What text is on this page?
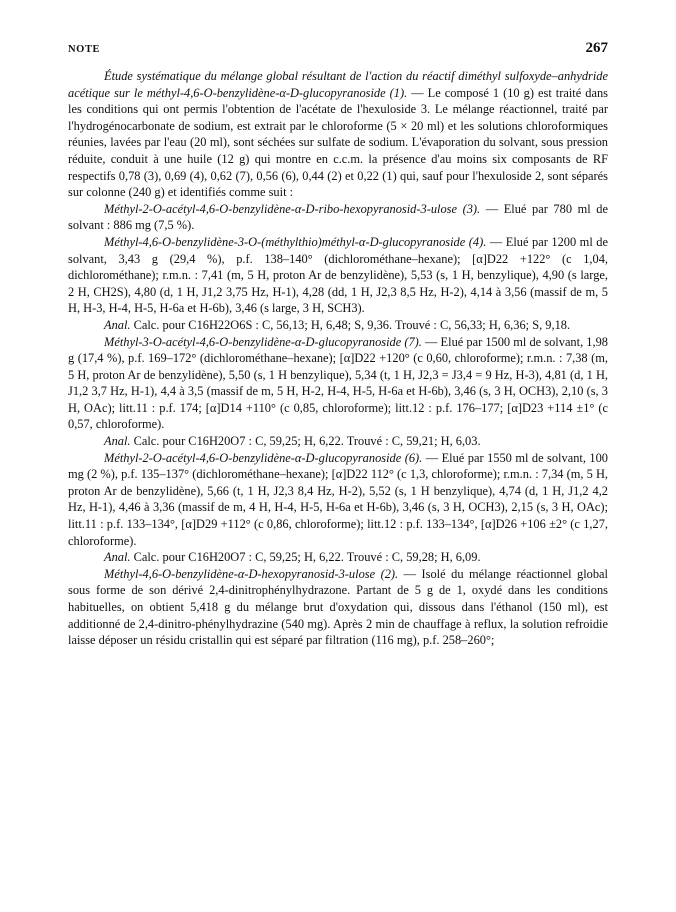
NOTE	267

Étude systématique du mélange global résultant de l'action du réactif diméthyl sulfoxyde–anhydride acétique sur le méthyl-4,6-O-benzylidène-α-D-glucopyranoside (1). — Le composé 1 (10 g) est traité dans les conditions qui ont permis l'obtention de l'acétate de l'hexuloside 3. Le mélange réactionnel, traité par l'hydrogénocarbonate de sodium, est extrait par le chloroforme (5 × 20 ml) et les solutions chloroformiques réunies, lavées par l'eau (20 ml), sont séchées sur sulfate de sodium. L'évaporation du solvant, sous pression réduite, conduit à une huile (12 g) qui montre en c.c.m. la présence d'au moins six composants de RF respectifs 0,78 (3), 0,69 (4), 0,62 (7), 0,56 (6), 0,44 (2) et 0,22 (1) qui, sauf pour l'hexuloside 2, sont séparés sur colonne (240 g) et identifiés comme suit :

Méthyl-2-O-acétyl-4,6-O-benzylidène-α-D-ribo-hexopyranosid-3-ulose (3). — Elué par 780 ml de solvant : 886 mg (7,5 %).

Méthyl-4,6-O-benzylidène-3-O-(méthylthio)méthyl-α-D-glucopyranoside (4). — Elué par 1200 ml de solvant, 3,43 g (29,4 %), p.f. 138–140° (dichlorométhane–hexane); [α]D22 +122° (c 1,04, dichlorométhane); r.m.n. : 7,41 (m, 5 H, proton Ar de benzylidène), 5,53 (s, 1 H, benzylique), 4,90 (s large, 2 H, CH2S), 4,80 (d, 1 H, J1,2 3,75 Hz, H-1), 4,28 (dd, 1 H, J2,3 8,5 Hz, H-2), 4,14 à 3,56 (massif de m, 5 H, H-3, H-4, H-5, H-6a et H-6b), 3,46 (s large, 3 H, SCH3).

Anal. Calc. pour C16H22O6S : C, 56,13; H, 6,48; S, 9,36. Trouvé : C, 56,33; H, 6,36; S, 9,18.

Méthyl-3-O-acétyl-4,6-O-benzylidène-α-D-glucopyranoside (7). — Elué par 1500 ml de solvant, 1,98 g (17,4 %), p.f. 169–172° (dichlorométhane–hexane); [α]D22 +120° (c 0,60, chloroforme); r.m.n. : 7,38 (m, 5 H, proton Ar de benzylidène), 5,50 (s, 1 H benzylique), 5,34 (t, 1 H, J2,3 = J3,4 = 9 Hz, H-3), 4,81 (d, 1 H, J1,2 3,7 Hz, H-1), 4,4 à 3,5 (massif de m, 5 H, H-2, H-4, H-5, H-6a et H-6b), 3,46 (s, 3 H, OCH3), 2,10 (s, 3 H, OAc); litt.11 : p.f. 174; [α]D14 +110° (c 0,85, chloroforme); litt.12 : p.f. 176–177; [α]D23 +114 ±1° (c 0,57, chloroforme).

Anal. Calc. pour C16H20O7 : C, 59,25; H, 6,22. Trouvé : C, 59,21; H, 6,03.

Méthyl-2-O-acétyl-4,6-O-benzylidène-α-D-glucopyranoside (6). — Elué par 1550 ml de solvant, 100 mg (2 %), p.f. 135–137° (dichlorométhane–hexane); [α]D22 112° (c 1,3, chloroforme); r.m.n. : 7,34 (m, 5 H, proton Ar de benzylidène), 5,66 (t, 1 H, J2,3 8,4 Hz, H-2), 5,52 (s, 1 H benzylique), 4,74 (d, 1 H, J1,2 4,2 Hz, H-1), 4,46 à 3,36 (massif de m, 4 H, H-4, H-5, H-6a et H-6b), 3,46 (s, 3 H, OCH3), 2,15 (s, 3 H, OAc); litt.11 : p.f. 133–134°, [α]D29 +112° (c 0,86, chloroforme); litt.12 : p.f. 133–134°, [α]D26 +106 ±2° (c 1,27, chloroforme).

Anal. Calc. pour C16H20O7 : C, 59,25; H, 6,22. Trouvé : C, 59,28; H, 6,09.

Méthyl-4,6-O-benzylidène-α-D-hexopyranosid-3-ulose (2). — Isolé du mélange réactionnel global sous forme de son dérivé 2,4-dinitrophénylhydrazone. Partant de 5 g de 1, oxydé dans les conditions habituelles, on obtient 5,418 g du mélange brut d'oxydation qui, dissous dans l'éthanol (150 ml), est additionné de 2,4-dinitro-phénylhydrazine (540 mg). Après 2 min de chauffage à reflux, la solution refroidie laisse déposer un résidu cristallin qui est séparé par filtration (116 mg), p.f. 258–260°;
